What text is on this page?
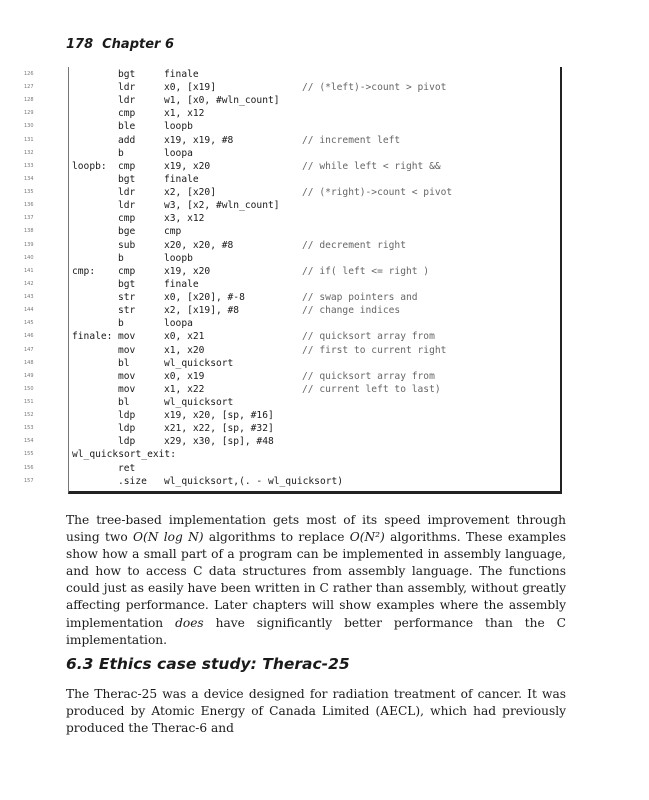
178 Chapter 6
126	bgt	finale
127	ldr	x0, [x19]	// (*left)->count > pivot
128	ldr	w1, [x0, #wln_count]
129	cmp	x1, x12
130	ble	loopb
131	add	x19, x19, #8	// increment left
132	b	loopa
133	loopb: cmp	x19, x20	// while left < right &&
134	bgt	finale
135	ldr	x2, [x20]	// (*right)->count < pivot
136	ldr	w3, [x2, #wln_count]
137	cmp	x3, x12
138	bge	cmp
139	sub	x20, x20, #8	// decrement right
140	b	loopb
141	cmp: cmp	x19, x20	// if( left <= right )
142	bgt	finale
143	str	x0, [x20], #-8	// swap pointers and
144	str	x2, [x19], #8	// change indices
145	b	loopa
146	finale: mov	x0, x21	// quicksort array from
147	mov	x1, x20	// first to current right
148	bl	wl_quicksort
149	mov	x0, x19	// quicksort array from
150	mov	x1, x22	// current left to last)
151	bl	wl_quicksort
152	ldp	x19, x20, [sp, #16]
153	ldp	x21, x22, [sp, #32]
154	ldp	x29, x30, [sp], #48
155	wl_quicksort_exit:
156	ret
157	.size wl_quicksort,(. - wl_quicksort)
The tree-based implementation gets most of its speed improvement through using two O(N log N) algorithms to replace O(N²) algorithms. These examples show how a small part of a program can be implemented in assembly language, and how to access C data structures from assembly language. The functions could just as easily have been written in C rather than assembly, without greatly affecting performance. Later chapters will show examples where the assembly implementation does have significantly better performance than the C implementation.
6.3 Ethics case study: Therac-25
The Therac-25 was a device designed for radiation treatment of cancer. It was produced by Atomic Energy of Canada Limited (AECL), which had previously produced the Therac-6 and
